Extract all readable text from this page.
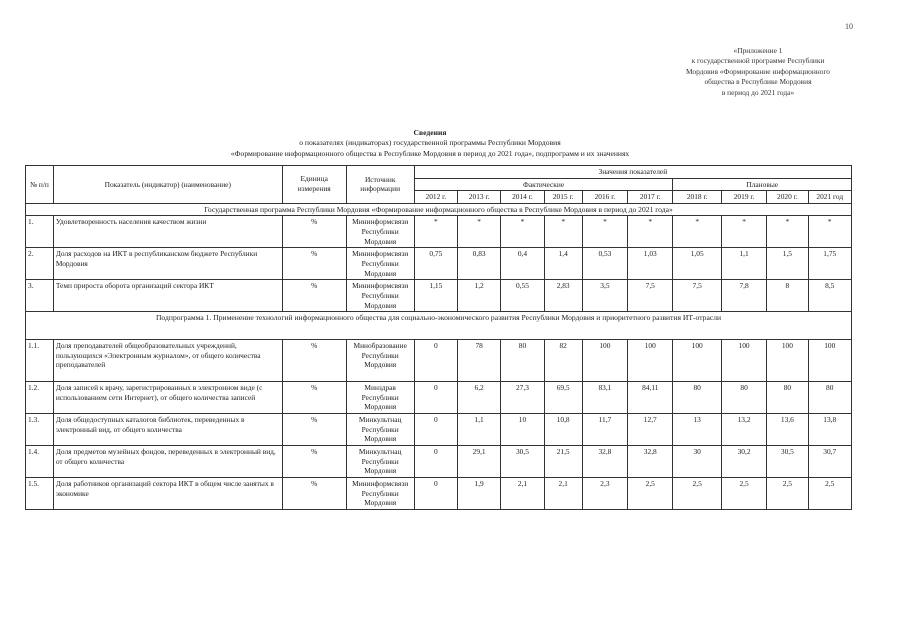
10
«Приложение 1
к государственной программе Республики
Мордовия «Формирование информационного
общества в Республике Мордовия
в период до 2021 года»
Сведения
о показателях (индикаторах) государственной программы Республики Мордовия
«Формирование информационного общества в Республике Мордовия в период до 2021 года», подпрограмм и их значениях
№ п/п	Показатель (индикатор) (наименование)	Единица измерения	Источник информации	Значения показателей									
				Фактические						Плановые			
				2012 г.	2013 г.	2014 г.	2015 г.	2016 г.	2017 г.	2018 г.	2019 г.	2020 г.	2021 год
Государственная программа Республики Мордовия «Формирование информационного общества в Республике Мордовия в период до 2021 года»													
1.	Удовлетворенность населения качеством жизни	%	Мининформсвязи Республики Мордовия	*	*	*	*	*	*	*	*	*	*
2.	Доля расходов на ИКТ в республиканском бюджете Республики Мордовия	%	Мининформсвязи Республики Мордовия	0,75	0,83	0,4	1,4	0,53	1,03	1,05	1,1	1,5	1,75
3.	Темп прироста оборота организаций сектора ИКТ	%	Мининформсвязи Республики Мордовия	1,15	1,2	0,55	2,83	3,5	7,5	7,5	7,8	8	8,5
Подпрограмма 1. Применение технологий информационного общества для социально-экономического развития Республики Мордовия и приоритетного развития ИТ-отрасли													
1.1.	Доля преподавателей общеобразовательных учреждений, пользующихся «Электронным журналом», от общего количества преподавателей	%	Минобразование Республики Мордовия	0	78	80	82	100	100	100	100	100	100
1.2.	Доля записей к врачу, зарегистрированных в электронном виде (с использованием сети Интернет), от общего количества записей	%	Минздрав Республики Мордовия	0	6,2	27,3	69,5	83,1	84,11	80	80	80	80
1.3.	Доля общедоступных каталогов библиотек, переведенных в электронный вид, от общего количества	%	Минкультнац Республики Мордовия	0	1,1	10	10,8	11,7	12,7	13	13,2	13,6	13,8
1.4.	Доля предметов музейных фондов, переведенных в электронный вид, от общего количества	%	Минкультнац Республики Мордовия	0	29,1	30,5	21,5	32,8	32,8	30	30,2	30,5	30,7
1.5.	Доля работников организаций сектора ИКТ в общем числе занятых в экономике	%	Мининформсвязи Республики Мордовия	0	1,9	2,1	2,1	2,3	2,5	2,5	2,5	2,5	2,5
